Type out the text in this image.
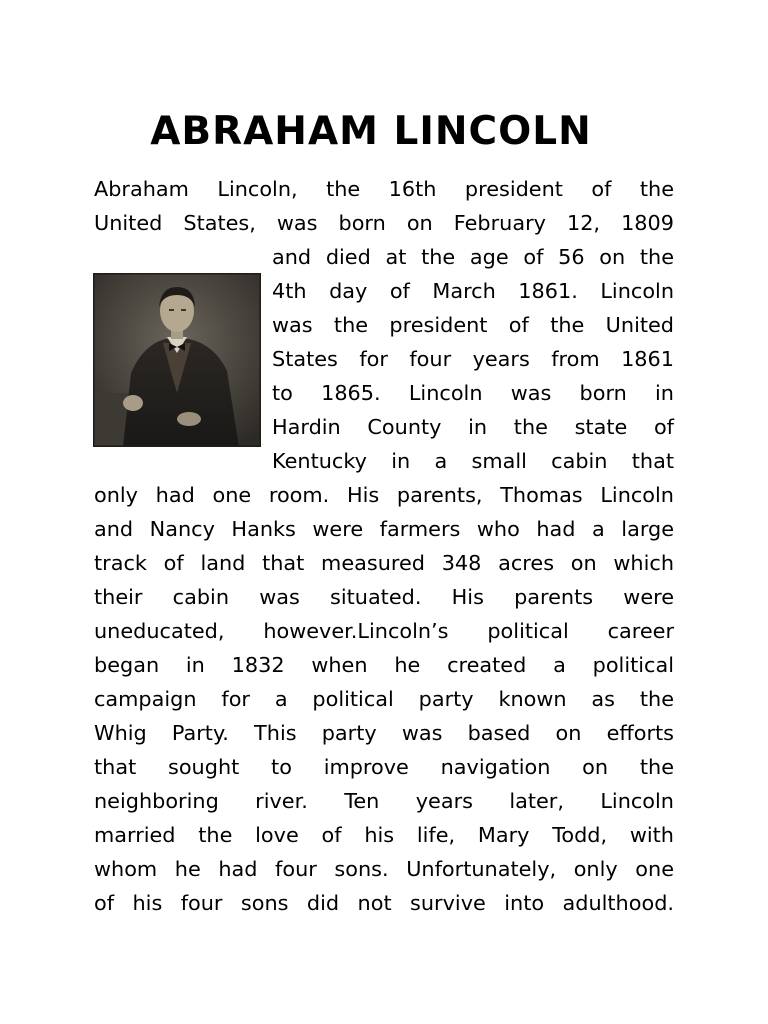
ABRAHAM LINCOLN
Abraham Lincoln, the 16th president of the
United States, was born on February 12, 1809
and died at the age of 56 on the
4th day of March 1861. Lincoln
was the president of the United
States for four years from 1861
to 1865. Lincoln was born in
Hardin County in the state of
Kentucky in a small cabin that
only had one room. His parents, Thomas Lincoln
and Nancy Hanks were farmers who had a large
track of land that measured 348 acres on which
their cabin was situated. His parents were
uneducated, however.Lincoln’s political career
began in 1832 when he created a political
campaign for a political party known as the
Whig Party. This party was based on efforts
that sought to improve navigation on the
neighboring river. Ten years later, Lincoln
married the love of his life, Mary Todd, with
whom he had four sons. Unfortunately, only one
of his four sons did not survive into adulthood.
